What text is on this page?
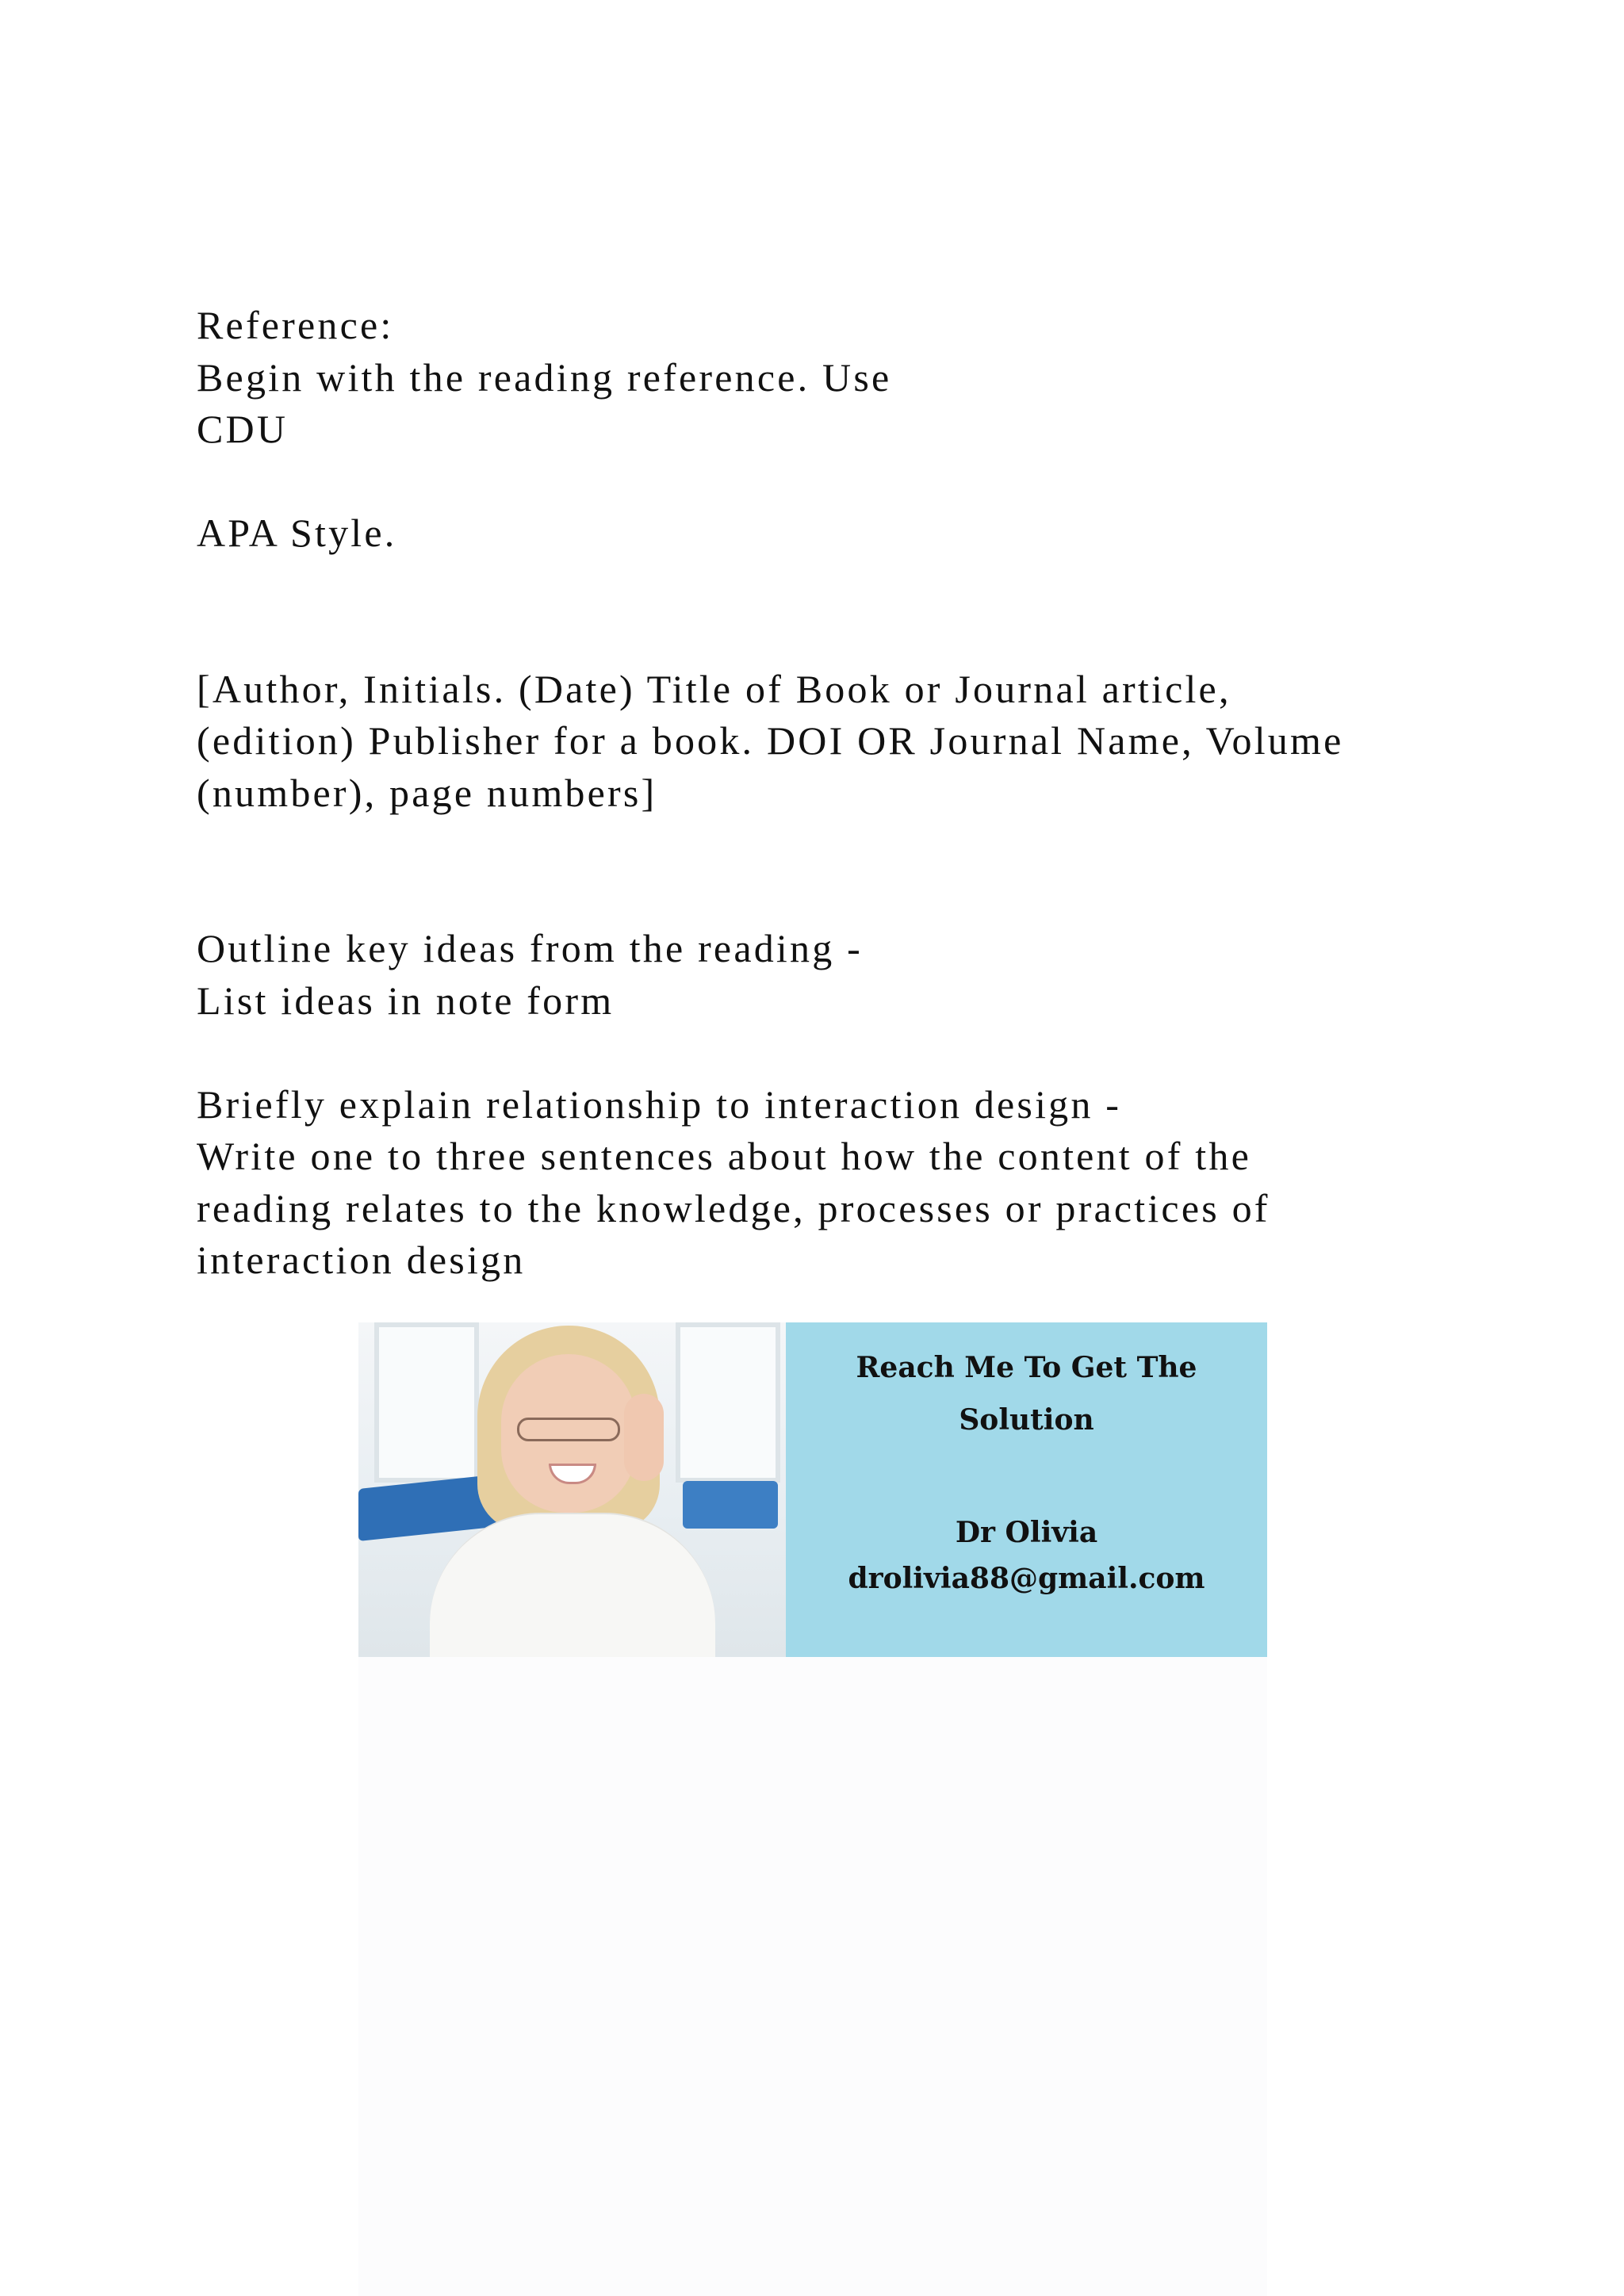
Reference:
Begin with the reading reference. Use
CDU
APA Style.
[Author, Initials. (Date) Title of Book or Journal article,
(edition) Publisher for a book. DOI OR Journal Name, Volume
(number), page numbers]
Outline key ideas from the reading -
List ideas in note form
Briefly explain relationship to interaction design -
Write one to three sentences about how the content of the
reading relates to the knowledge, processes or practices of
interaction design
Reach Me To Get The
Solution
Dr Olivia
drolivia88@gmail.com
